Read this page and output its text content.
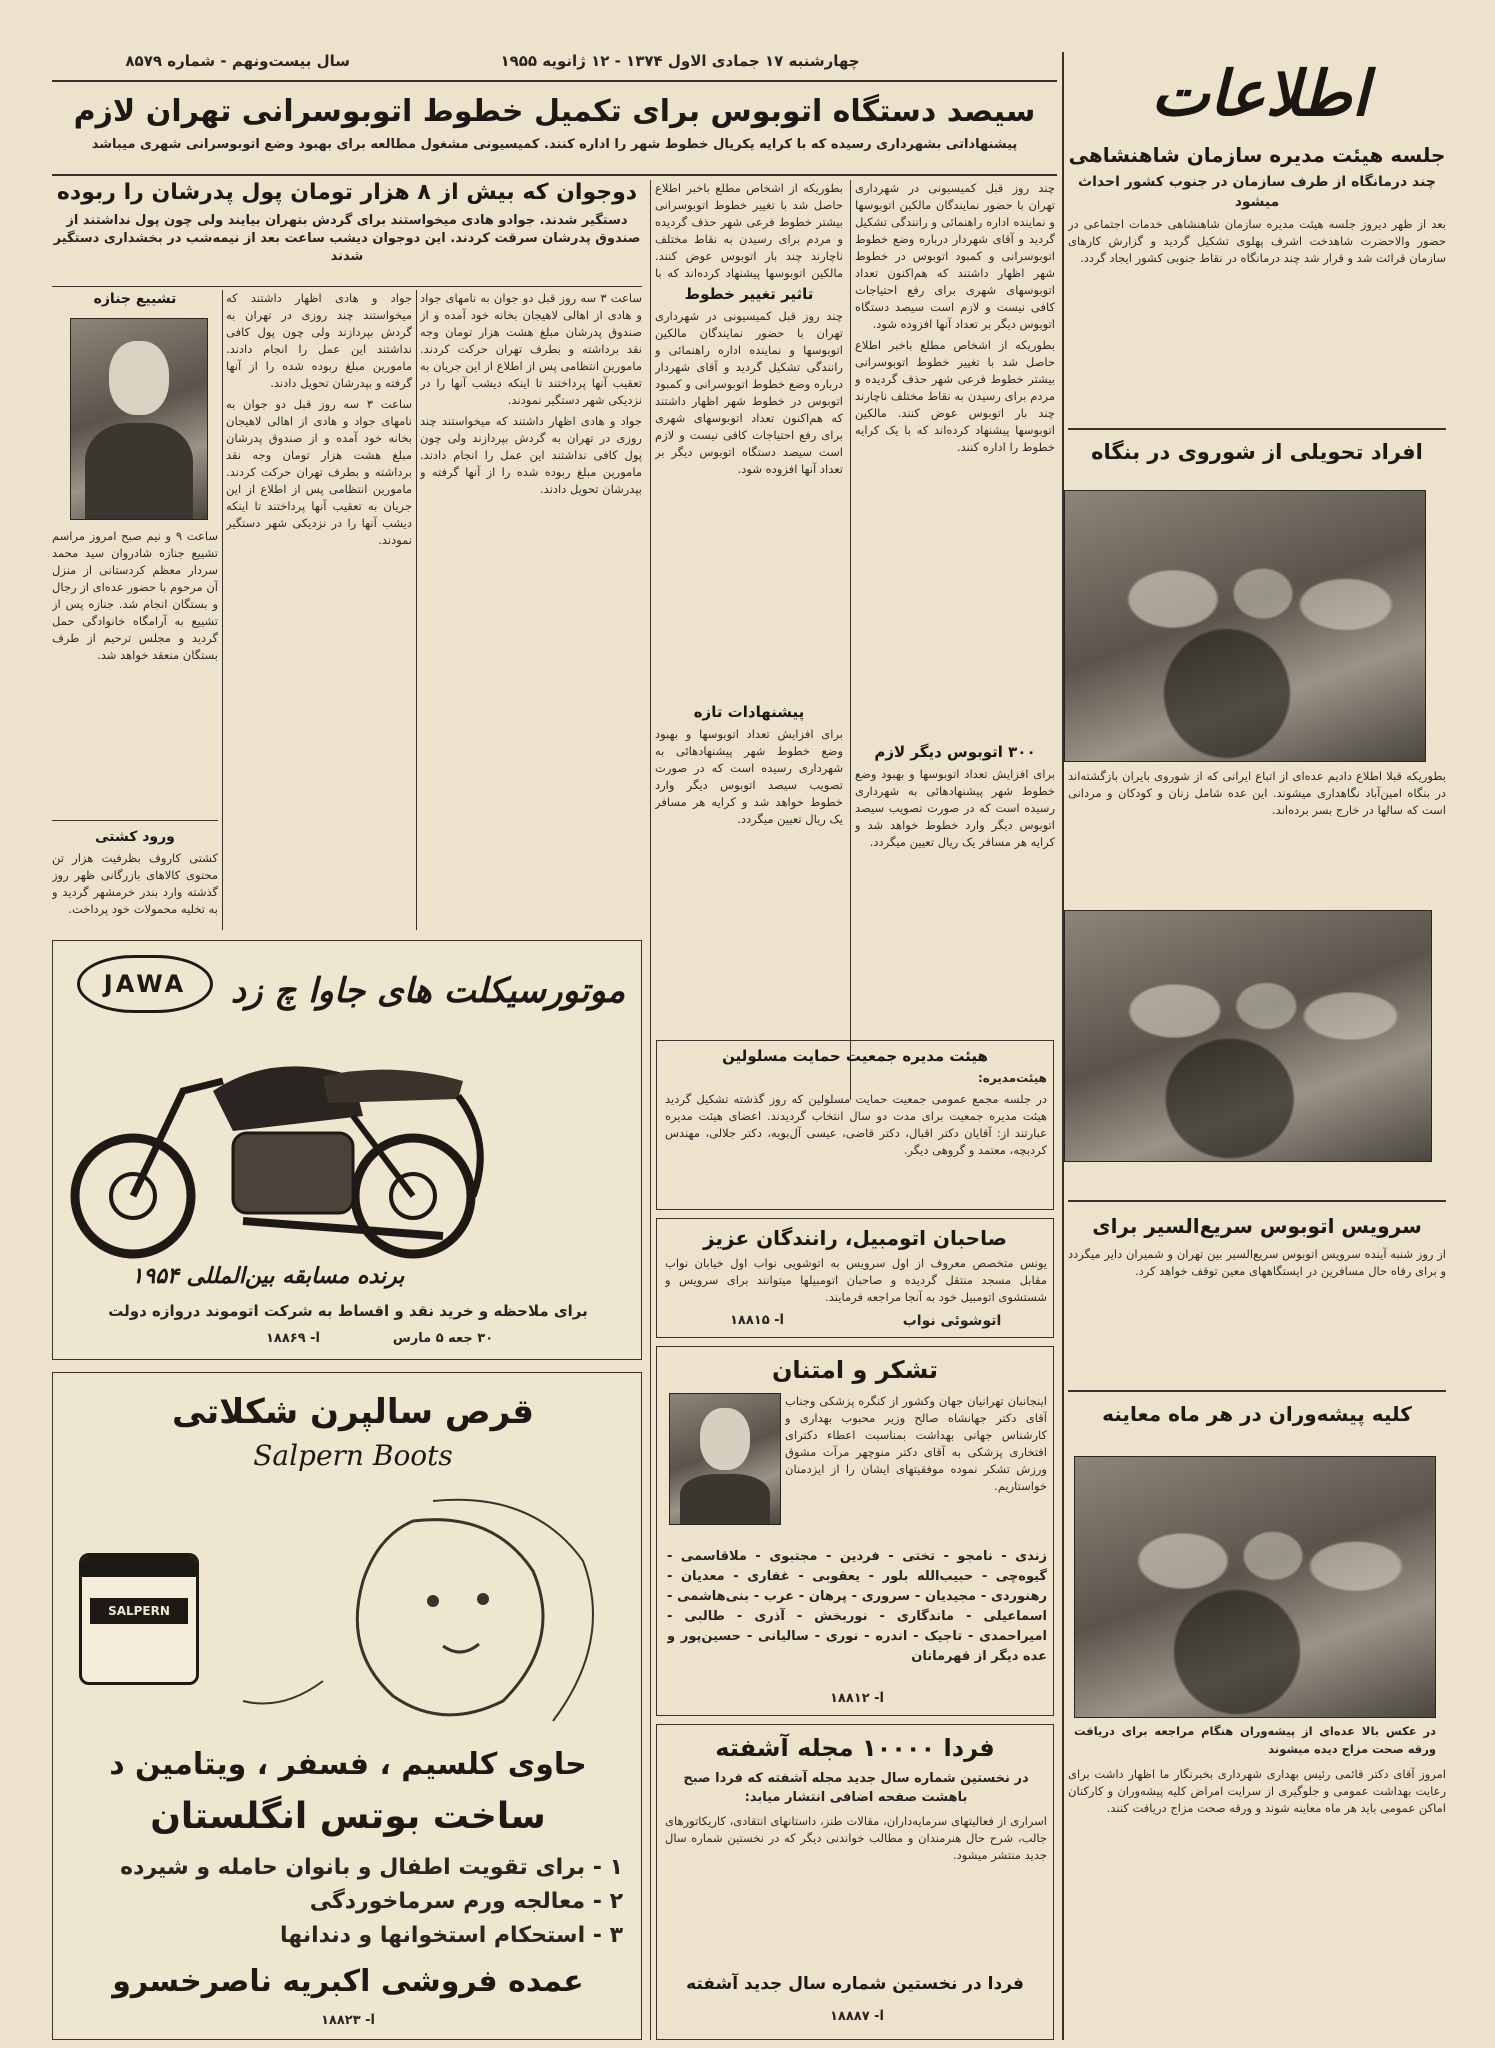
اطلاعات
چهارشنبه ۱۷ جمادی الاول ۱۳۷۴ - ۱۲ ژانویه ۱۹۵۵
سال بیست‌ونهم - شماره ۸۵۷۹
سیصد دستگاه اتوبوس برای تکمیل خطوط اتوبوسرانی تهران لازم
پیشنهاداتی بشهرداری رسیده که با کرایه یکریال خطوط شهر را اداره کنند. کمیسیونی مشغول مطالعه برای بهبود وضع اتوبوسرانی شهری میباشد

چند روز قبل کمیسیونی در شهرداری تهران با حضور نمایندگان مالکین اتوبوسها و نماینده اداره راهنمائی و رانندگی تشکیل گردید و آقای شهردار درباره وضع خطوط اتوبوسرانی و کمبود اتوبوس در خطوط شهر اظهار داشتند که هم‌اکنون تعداد اتوبوسهای شهری برای رفع احتیاجات کافی نیست و لازم است سیصد دستگاه اتوبوس دیگر بر تعداد آنها افزوده شود.

بطوریکه از اشخاص مطلع باخبر اطلاع حاصل شد با تغییر خطوط اتوبوسرانی بیشتر خطوط فرعی شهر حذف گردیده و مردم برای رسیدن به نقاط مختلف ناچارند چند بار اتوبوس عوض کنند. مالکین اتوبوسها پیشنهاد کرده‌اند که با یک کرایه خطوط را اداره کنند.

بطوریکه از اشخاص مطلع باخبر اطلاع حاصل شد با تغییر خطوط اتوبوسرانی بیشتر خطوط فرعی شهر حذف گردیده و مردم برای رسیدن به نقاط مختلف ناچارند چند بار اتوبوس عوض کنند. مالکین اتوبوسها پیشنهاد کرده‌اند که با

تاثیر تغییر خطوط

چند روز قبل کمیسیونی در شهرداری تهران با حضور نمایندگان مالکین اتوبوسها و نماینده اداره راهنمائی و رانندگی تشکیل گردید و آقای شهردار درباره وضع خطوط اتوبوسرانی و کمبود اتوبوس در خطوط شهر اظهار داشتند که هم‌اکنون تعداد اتوبوسهای شهری برای رفع احتیاجات کافی نیست و لازم است سیصد دستگاه اتوبوس دیگر بر تعداد آنها افزوده شود.

پیشنهادات تازه

برای افزایش تعداد اتوبوسها و بهبود وضع خطوط شهر پیشنهادهائی به شهرداری رسیده است که در صورت تصویب سیصد اتوبوس دیگر وارد خطوط خواهد شد و کرایه هر مسافر یک ریال تعیین میگردد.

۳۰۰ اتوبوس دیگر لازم

برای افزایش تعداد اتوبوسها و بهبود وضع خطوط شهر پیشنهادهائی به شهرداری رسیده است که در صورت تصویب سیصد اتوبوس دیگر وارد خطوط خواهد شد و کرایه هر مسافر یک ریال تعیین میگردد.

دوجوان که بیش از ۸ هزار تومان پول پدرشان را ربوده
دستگیر شدند. جوادو هادی میخواستند برای گردش بتهران بیایند ولی چون پول نداشتند از صندوق پدرشان سرقت کردند. این دوجوان دیشب ساعت بعد از نیمه‌شب در بخشداری دستگیر شدند

ساعت ۳ سه روز قبل دو جوان به نامهای جواد و هادی از اهالی لاهیجان بخانه خود آمده و از صندوق پدرشان مبلغ هشت هزار تومان وجه نقد برداشته و بطرف تهران حرکت کردند. مامورین انتظامی پس از اطلاع از این جریان به تعقیب آنها پرداختند تا اینکه دیشب آنها را در نزدیکی شهر دستگیر نمودند.

جواد و هادی اظهار داشتند که میخواستند چند روزی در تهران به گردش بپردازند ولی چون پول کافی نداشتند این عمل را انجام دادند. مامورین مبلغ ربوده شده را از آنها گرفته و بپدرشان تحویل دادند.

جواد و هادی اظهار داشتند که میخواستند چند روزی در تهران به گردش بپردازند ولی چون پول کافی نداشتند این عمل را انجام دادند. مامورین مبلغ ربوده شده را از آنها گرفته و بپدرشان تحویل دادند.

ساعت ۳ سه روز قبل دو جوان به نامهای جواد و هادی از اهالی لاهیجان بخانه خود آمده و از صندوق پدرشان مبلغ هشت هزار تومان وجه نقد برداشته و بطرف تهران حرکت کردند. مامورین انتظامی پس از اطلاع از این جریان به تعقیب آنها پرداختند تا اینکه دیشب آنها را در نزدیکی شهر دستگیر نمودند.

تشییع جنازه

ساعت ۹ و نیم صبح امروز مراسم تشییع جنازه شادروان سید محمد سردار معظم کردستانی از منزل آن مرحوم با حضور عده‌ای از رجال و بستگان انجام شد. جنازه پس از تشییع به آرامگاه خانوادگی حمل گردید و مجلس ترحیم از طرف بستگان منعقد خواهد شد.

ورود کشتی

کشتی کاروف بظرفیت هزار تن محتوی کالاهای بازرگانی ظهر روز گذشته وارد بندر خرمشهر گردید و به تخلیه محمولات خود پرداخت.

JAWA موتورسیکلت های جاوا چ زد
برنده مسابقه بین‌المللی ۱۹۵۴
برای ملاحظه و خرید نقد و اقساط به شرکت اتوموند دروازه دولت
۳۰ جعه ۵ مارس
آ- ۱۸۸۶۹
قرص سالپرن شکلاتی
Salpern Boots
SALPERN
حاوی کلسیم ، فسفر ، ویتامین د
ساخت بوتس انگلستان
۱ - برای تقویت اطفال و بانوان حامله و شیرده
۲ - معالجه ورم سرماخوردگی
۳ - استحکام استخوانها و دندانها
عمده فروشی اکبریه ناصرخسرو
آ- ۱۸۸۲۳
هیئت مدیره جمعیت حمایت مسلولین
هیئت‌مدیره:

در جلسه مجمع عمومی جمعیت حمایت مسلولین که روز گذشته تشکیل گردید هیئت مدیره جمعیت برای مدت دو سال انتخاب گردیدند. اعضای هیئت مدیره عبارتند از: آقایان دکتر اقبال، دکتر قاضی، عیسی آل‌بویه، دکتر جلالی، مهندس کردبچه، معتمد و گروهی دیگر.

صاحبان اتومبیل، رانندگان عزیز

یونس متخصص معروف از اول سرویس به اتوشویی نواب اول خیابان نواب مقابل مسجد منتقل گردیده و صاحبان اتومبیلها میتوانند برای سرویس و شستشوی اتومبیل خود به آنجا مراجعه فرمایند.

اتوشوئی نواب
آ- ۱۸۸۱۵
تشکر و امتنان

اینجانبان تهرانیان جهان وکشور از کنگره پزشکی وجناب آقای دکتر جهانشاه صالح وزیر محبوب بهداری و کارشناس جهانی بهداشت بمناسبت اعطاء دکترای افتخاری پزشکی به آقای دکتر منوچهر مرآت مشوق ورزش تشکر نموده موفقیتهای ایشان را از ایزدمنان خواستاریم.

زندی - نامجو - تختی - فردین - مجتبوی - ملاقاسمی - گیوه‌چی - حبیب‌الله بلور - یعقوبی - غفاری - معدیان - رهنوردی - مجیدیان - سروری - پرهان - عرب - بنی‌هاشمی - اسماعیلی - ماندگاری - نوربخش - آذری - طالبی - امیراحمدی - تاجیک - اندره - نوری - سالیانی - حسین‌پور و عده دیگر از قهرمانان
آ- ۱۸۸۱۲
فردا ۱۰۰۰۰ مجله آشفته
در نخستین شماره سال جدید مجله آشفته که فردا صبح باهشت صفحه اضافی انتشار میابد:

اسراری از فعالیتهای سرمایه‌داران، مقالات طنز، داستانهای انتقادی، کاریکاتورهای جالب، شرح حال هنرمندان و مطالب خواندنی دیگر که در نخستین شماره سال جدید منتشر میشود.

فردا در نخستین شماره سال جدید آشفته
آ- ۱۸۸۸۷
جلسه هیئت مدیره سازمان شاهنشاهی
چند درمانگاه از طرف سازمان در جنوب کشور احداث میشود

بعد از ظهر دیروز جلسه هیئت مدیره سازمان شاهنشاهی خدمات اجتماعی در حضور والاحضرت شاهدخت اشرف پهلوی تشکیل گردید و گزارش کارهای سازمان قرائت شد و قرار شد چند درمانگاه در نقاط جنوبی کشور ایجاد گردد.

افراد تحویلی از شوروی در بنگاه

بطوریکه قبلا اطلاع دادیم عده‌ای از اتباع ایرانی که از شوروی بایران بازگشته‌اند در بنگاه امین‌آباد نگاهداری میشوند. این عده شامل زنان و کودکان و مردانی است که سالها در خارج بسر برده‌اند.

سرویس اتوبوس سریع‌السیر برای

از روز شنبه آینده سرویس اتوبوس سریع‌السیر بین تهران و شمیران دایر میگردد و برای رفاه حال مسافرین در ایستگاههای معین توقف خواهد کرد.

کلیه پیشه‌وران در هر ماه معاینه
در عکس بالا عده‌ای از پیشه‌وران هنگام مراجعه برای دریافت ورقه صحت مزاج دیده میشوند

امروز آقای دکتر قائمی رئیس بهداری شهرداری بخبرنگار ما اظهار داشت برای رعایت بهداشت عمومی و جلوگیری از سرایت امراض کلیه پیشه‌وران و کارکنان اماکن عمومی باید هر ماه معاینه شوند و ورقه صحت مزاج دریافت کنند.
